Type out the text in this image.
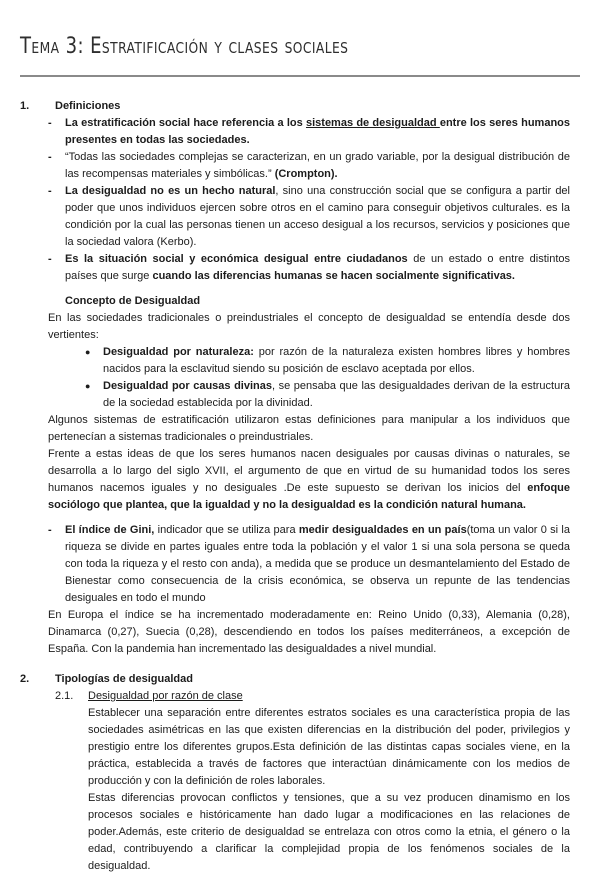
Tema 3: Estratificación y clases sociales
1.	Definiciones
-	La estratificación social hace referencia a los sistemas de desigualdad entre los seres humanos presentes en todas las sociedades.
-	“Todas las sociedades complejas se caracterizan, en un grado variable, por la desigual distribución de las recompensas materiales y simbólicas.” (Crompton).
-	La desigualdad no es un hecho natural, sino una construcción social que se configura a partir del poder que unos individuos ejercen sobre otros en el camino para conseguir objetivos culturales. es la condición por la cual las personas tienen un acceso desigual a los recursos, servicios y posiciones que la sociedad valora (Kerbo).
-	Es la situación social y económica desigual entre ciudadanos de un estado o entre distintos países que surge cuando las diferencias humanas se hacen socialmente significativas.
Concepto de Desigualdad

En las sociedades tradicionales o preindustriales el concepto de desigualdad se entendía desde dos vertientes:

●	Desigualdad por naturaleza: por razón de la naturaleza existen hombres libres y hombres nacidos para la esclavitud siendo su posición de esclavo aceptada por ellos.
●	Desigualdad por causas divinas, se pensaba que las desigualdades derivan de la estructura de la sociedad establecida por la divinidad.

Algunos sistemas de estratificación utilizaron estas definiciones para manipular a los individuos que pertenecían a sistemas tradicionales o preindustriales.

Frente a estas ideas de que los seres humanos nacen desiguales por causas divinas o naturales, se desarrolla a lo largo del siglo XVII, el argumento de que en virtud de su humanidad todos los seres humanos nacemos iguales y no desiguales .De este supuesto se derivan los inicios del enfoque sociólogo que plantea, que la igualdad y no la desigualdad es la condición natural humana.

-	El índice de Gini, indicador que se utiliza para medir desigualdades en un país(toma un valor 0 si la riqueza se divide en partes iguales entre toda la población y el valor 1 si una sola persona se queda con toda la riqueza y el resto con anda), a medida que se produce un desmantelamiento del Estado de Bienestar como consecuencia de la crisis económica, se observa un repunte de las tendencias desiguales en todo el mundo

En Europa el índice se ha incrementado moderadamente en: Reino Unido (0,33), Alemania (0,28), Dinamarca (0,27), Suecia (0,28), descendiendo en todos los países mediterráneos, a excepción de España. Con la pandemia han incrementado las desigualdades a nivel mundial.

2.	Tipologías de desigualdad
2.1.	Desigualdad por razón de clase

Establecer una separación entre diferentes estratos sociales es una característica propia de las sociedades asimétricas en las que existen diferencias en la distribución del poder, privilegios y prestigio entre los diferentes grupos.Esta definición de las distintas capas sociales viene, en la práctica, establecida a través de factores que interactúan dinámicamente con los medios de producción y con la definición de roles laborales.

Estas diferencias provocan conflictos y tensiones, que a su vez producen dinamismo en los procesos sociales e históricamente han dado lugar a modificaciones en las relaciones de poder.Además, este criterio de desigualdad se entrelaza con otros como la etnia, el género o la edad, contribuyendo a clarificar la complejidad propia de los fenómenos sociales de la desigualdad.
